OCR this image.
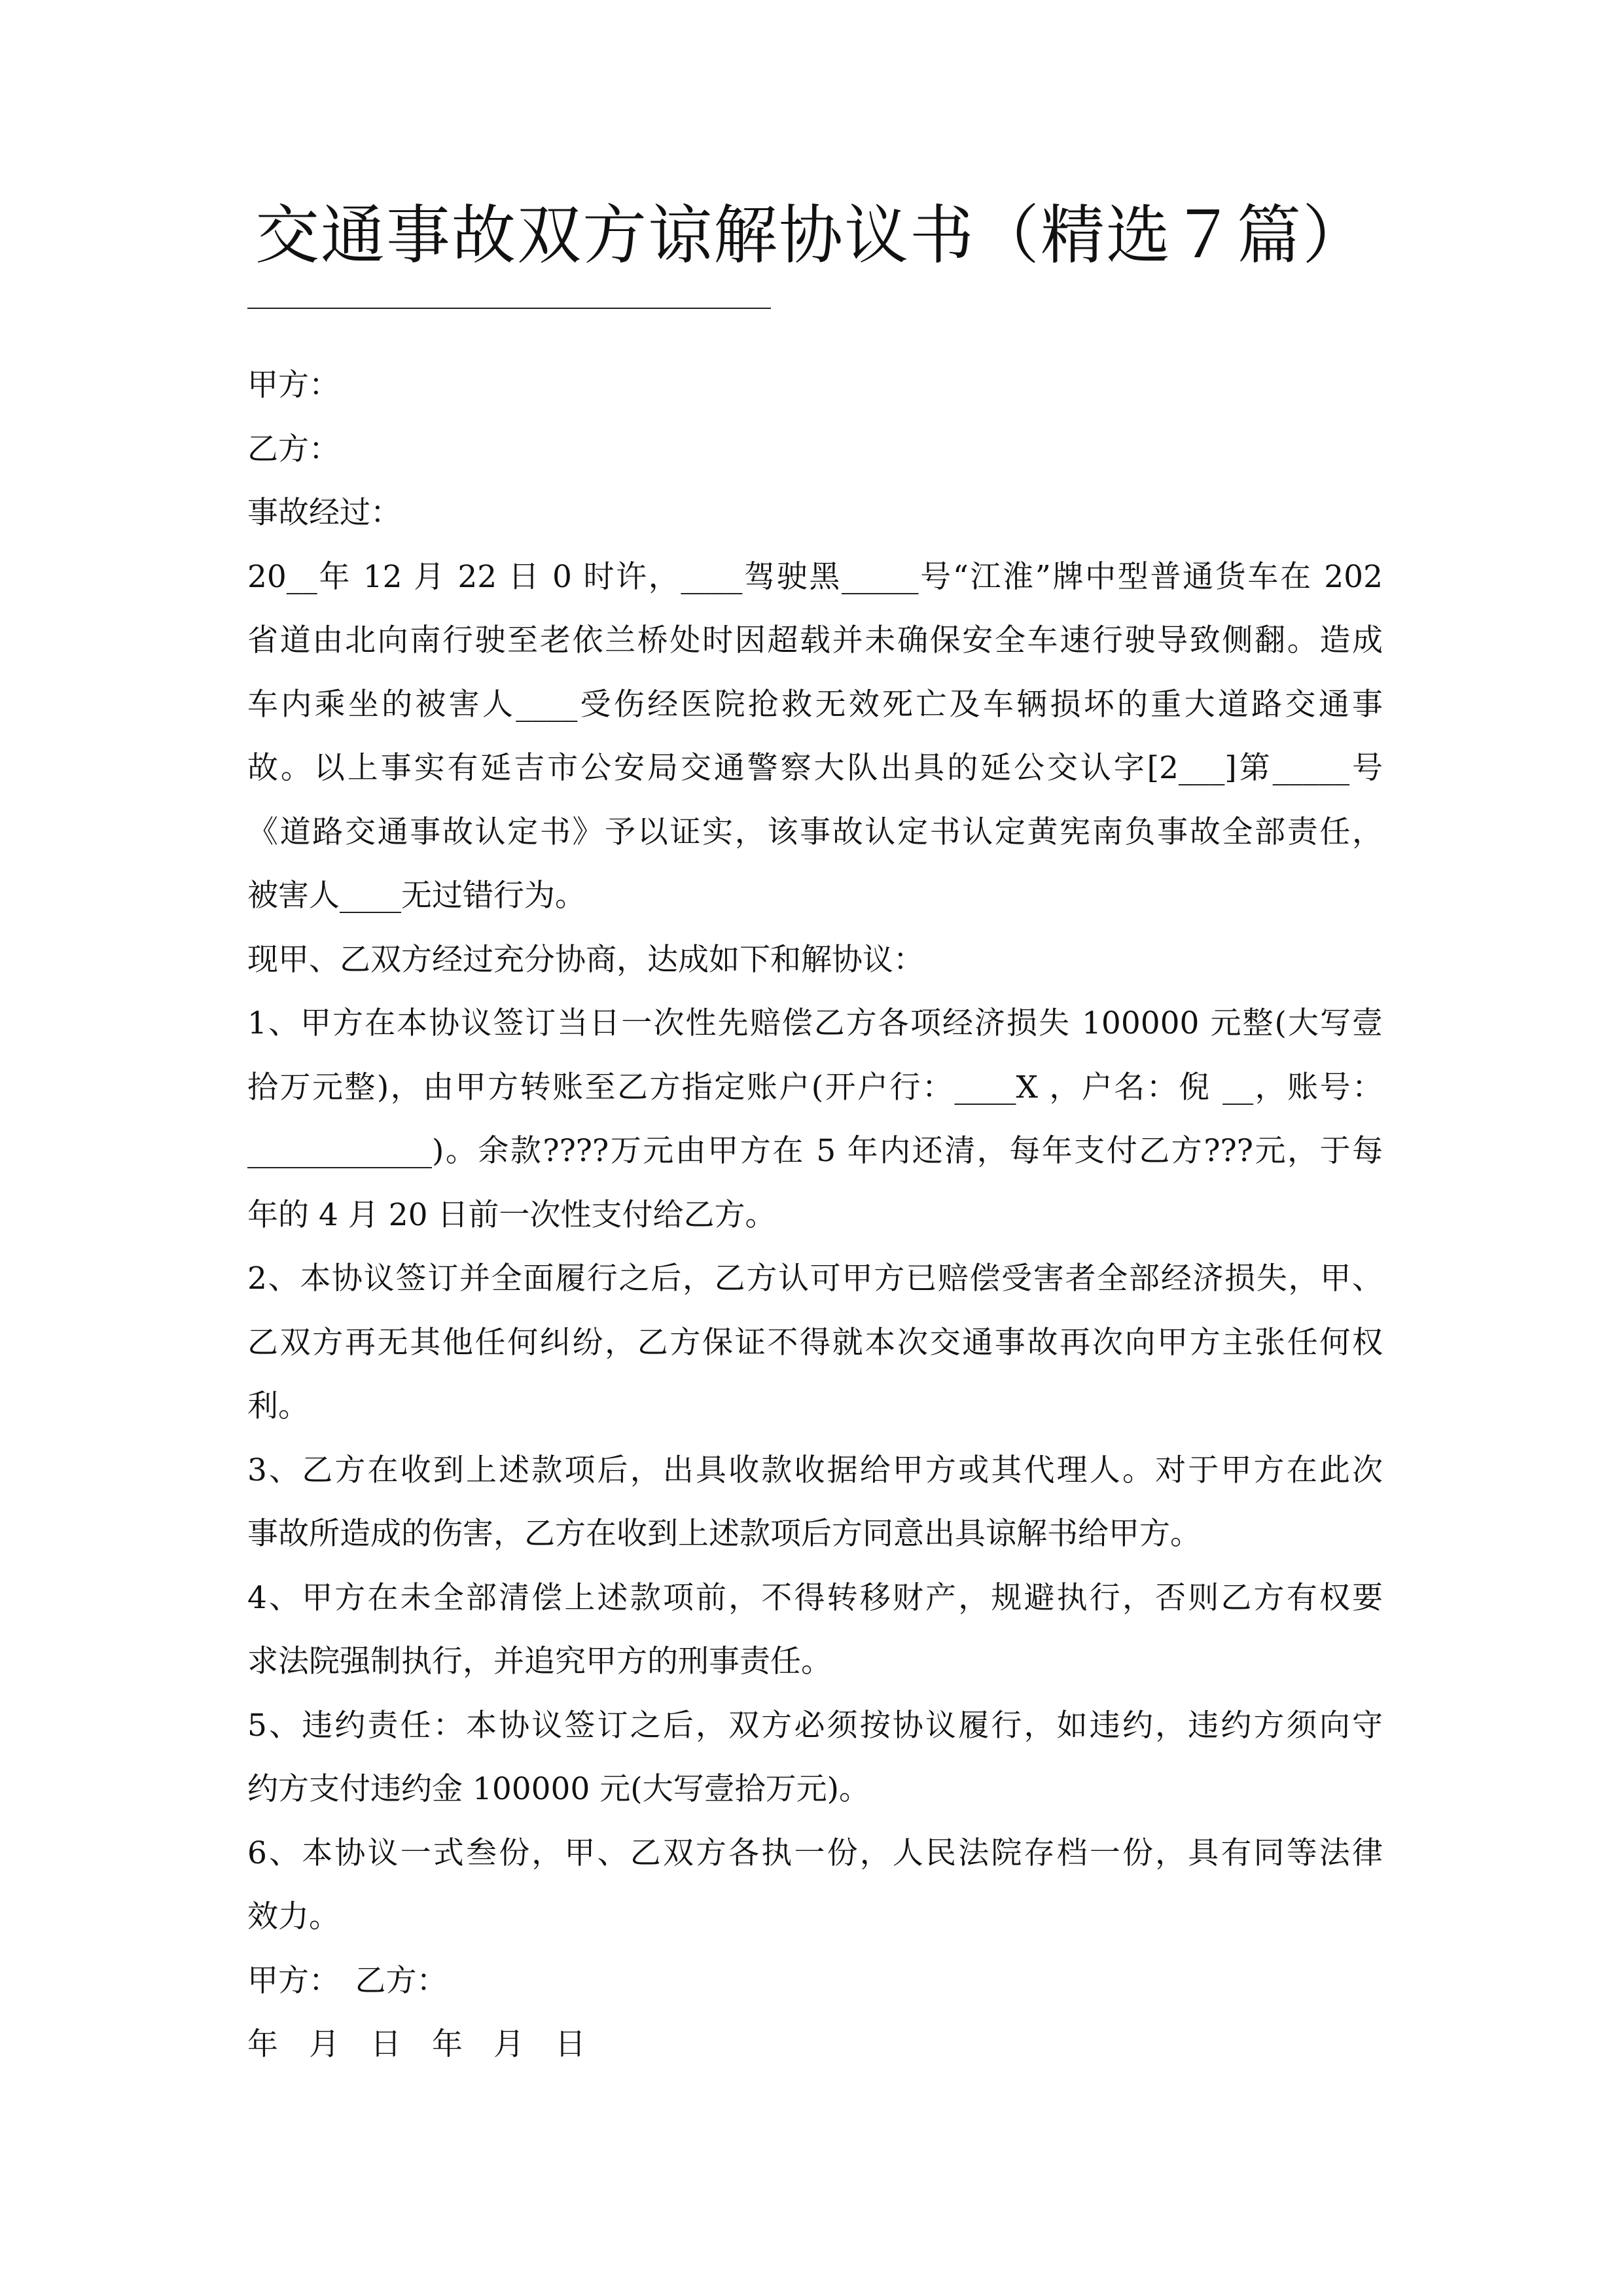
交通事故双方谅解协议书（精选７篇）
甲方：
乙方：
事故经过：
20__年 12 月 22 日 0 时许，____驾驶黑_____号“江淮”牌中型普通货车在 202
省道由北向南行驶至老依兰桥处时因超载并未确保安全车速行驶导致侧翻。造成
车内乘坐的被害人____受伤经医院抢救无效死亡及车辆损坏的重大道路交通事
故。以上事实有延吉市公安局交通警察大队出具的延公交认字[2___]第_____号
《道路交通事故认定书》予以证实，该事故认定书认定黄宪南负事故全部责任，
被害人____无过错行为。
现甲、乙双方经过充分协商，达成如下和解协议：
1、甲方在本协议签订当日一次性先赔偿乙方各项经济损失 100000 元整(大写壹
拾万元整)，由甲方转账至乙方指定账户(开户行：____X ，户名：倪 __，账号：
____________)。余款????万元由甲方在 5 年内还清，每年支付乙方???元，于每
年的 4 月 20 日前一次性支付给乙方。
2、本协议签订并全面履行之后，乙方认可甲方已赔偿受害者全部经济损失，甲、
乙双方再无其他任何纠纷，乙方保证不得就本次交通事故再次向甲方主张任何权
利。
3、乙方在收到上述款项后，出具收款收据给甲方或其代理人。对于甲方在此次
事故所造成的伤害，乙方在收到上述款项后方同意出具谅解书给甲方。
4、甲方在未全部清偿上述款项前，不得转移财产，规避执行，否则乙方有权要
求法院强制执行，并追究甲方的刑事责任。
5、违约责任：本协议签订之后，双方必须按协议履行，如违约，违约方须向守
约方支付违约金 100000 元(大写壹拾万元)。
6、本协议一式叁份，甲、乙双方各执一份，人民法院存档一份，具有同等法律
效力。
甲方：　乙方：
年　月　日　年　月　日
